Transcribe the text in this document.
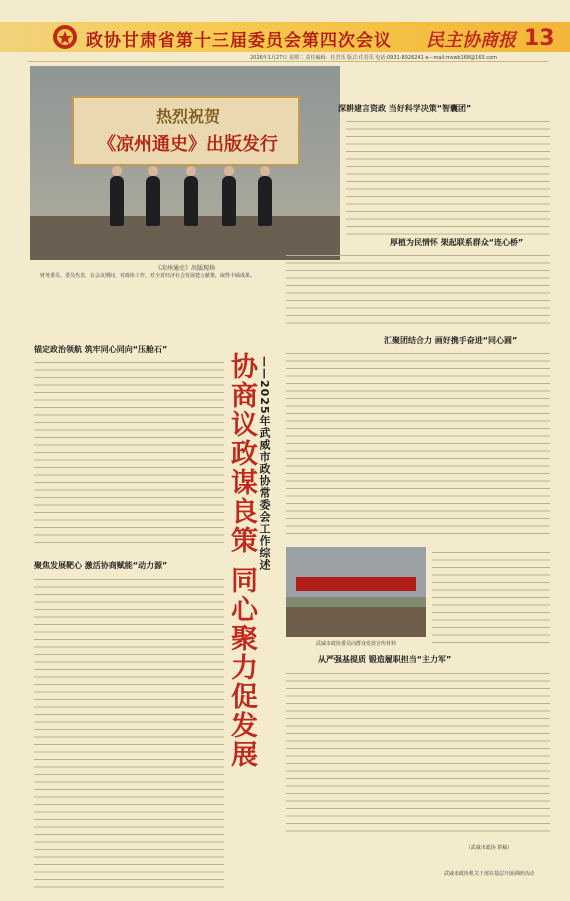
政协甘肃省第十三届委员会第四次会议 民主协商报 13
2026年1月27日 星期二 责任编辑：任晋乐 版式:任晋乐 电话:0931-8926241 e—mail:mswb168@163.com
热烈祝贺
《凉州通史》出版发行
《凉州通史》出版现场
财务委员、委员代表，在会议期间，对政协工作、对全省经济社会发展建言献策，取得丰硕成果。
深耕建言资政 当好科学决策“智囊团”
厚植为民情怀 架起联系群众“连心桥”
汇聚团结合力 画好携手奋进“同心圆”
武威市政协委员向群众发放宣传材料
从严强基提质 锻造履职担当“主力军”
（武威市政协 供稿）
武威市政协机关干部在基层开展调研活动
锚定政治领航 筑牢同心同向“压舱石”
聚焦发展靶心 激活协商赋能“动力源” 协商议政谋良策 同心聚力促发展 ——2025年武威市政协常委会工作综述
